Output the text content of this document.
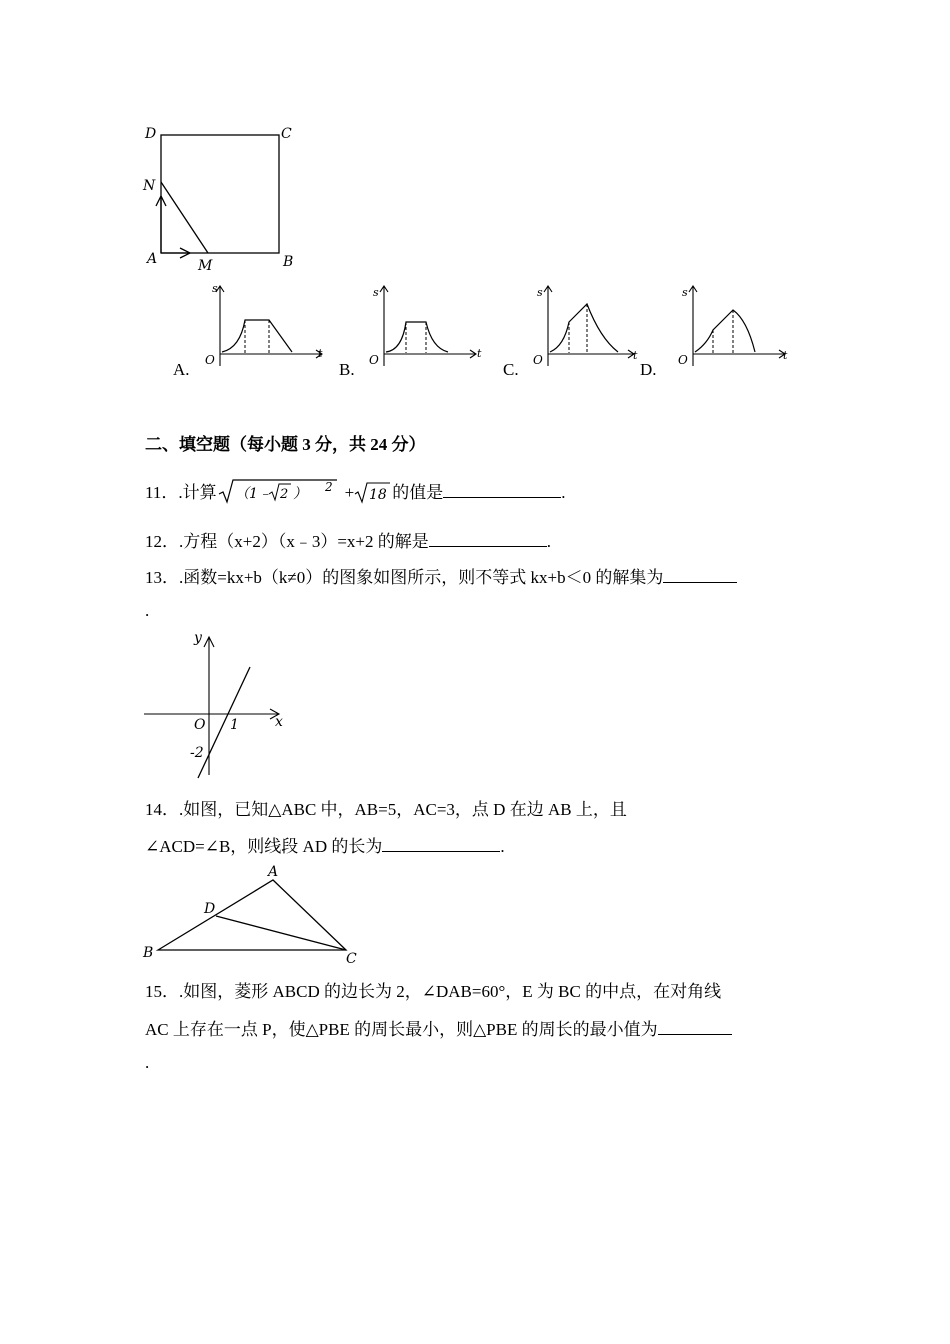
D	C
N
A	M	B
A.
s
O	t
B.
s
O	t
C.
s
O	t
D.
s
O	t
二、填空题（每小题 3 分，共 24 分）
11．.计算 （1﹣ 2 ） 2 + 18 的值是	.
12．.方程（x+2）（x﹣3）=x+2 的解是	.
13．.函数=kx+b（k≠0）的图象如图所示，则不等式 kx+b＜0 的解集为
.
y
x
O 1
-2
14．.如图，已知△ABC 中，AB=5，AC=3，点 D 在边 AB 上，且
∠ACD=∠B，则线段 AD 的长为	.
A
D
B	C
15．.如图，菱形 ABCD 的边长为 2，∠DAB=60°，E 为 BC 的中点，在对角线
AC 上存在一点 P，使△PBE 的周长最小，则△PBE 的周长的最小值为
.
